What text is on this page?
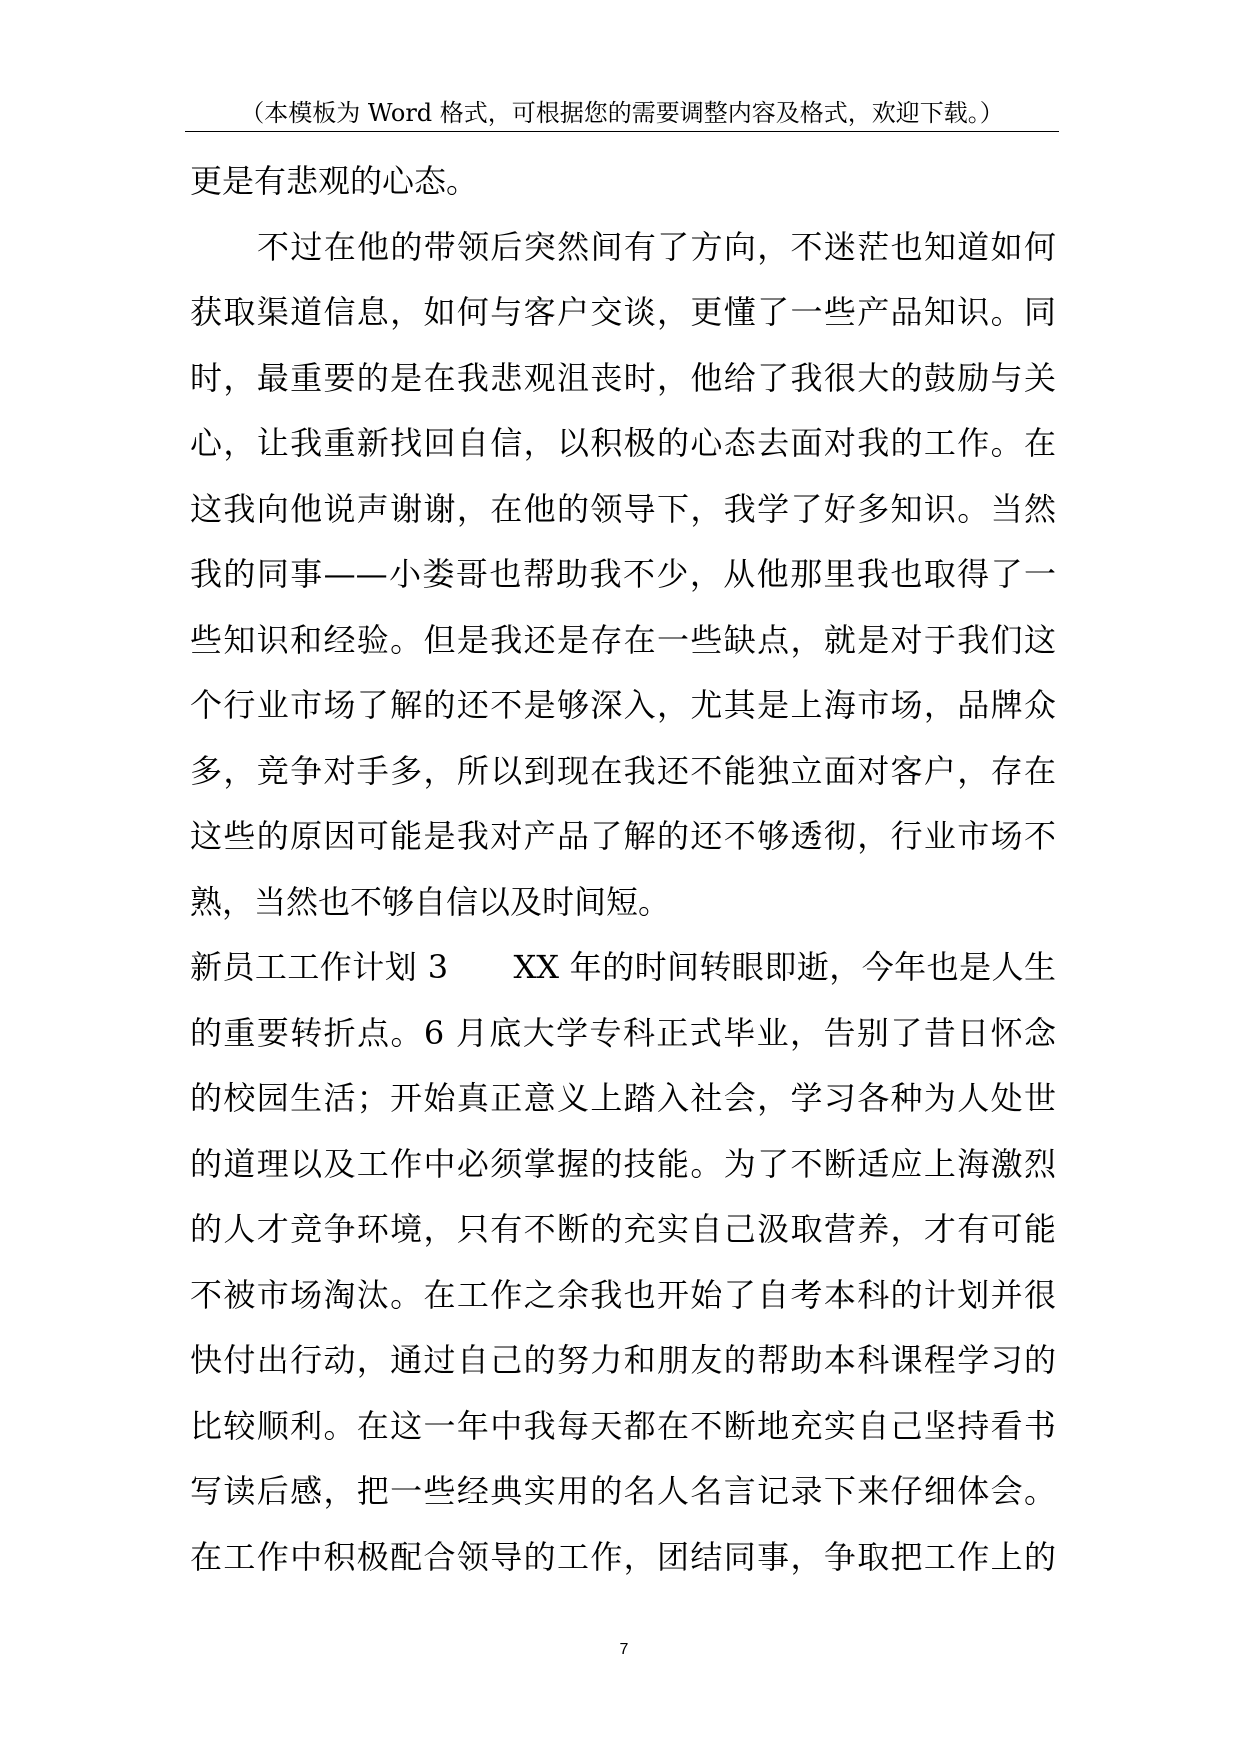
（本模板为 Word 格式，可根据您的需要调整内容及格式，欢迎下载。）
更是有悲观的心态。
不过在他的带领后突然间有了方向，不迷茫也知道如何
获取渠道信息，如何与客户交谈，更懂了一些产品知识。同
时，最重要的是在我悲观沮丧时，他给了我很大的鼓励与关
心，让我重新找回自信，以积极的心态去面对我的工作。在
这我向他说声谢谢，在他的领导下，我学了好多知识。当然
我的同事——小娄哥也帮助我不少，从他那里我也取得了一
些知识和经验。但是我还是存在一些缺点，就是对于我们这
个行业市场了解的还不是够深入，尤其是上海市场，品牌众
多，竞争对手多，所以到现在我还不能独立面对客户，存在
这些的原因可能是我对产品了解的还不够透彻，行业市场不
熟，当然也不够自信以及时间短。
新员工工作计划 3　　XX 年的时间转眼即逝，今年也是人生
的重要转折点。6 月底大学专科正式毕业，告别了昔日怀念
的校园生活；开始真正意义上踏入社会，学习各种为人处世
的道理以及工作中必须掌握的技能。为了不断适应上海激烈
的人才竞争环境，只有不断的充实自己汲取营养，才有可能
不被市场淘汰。在工作之余我也开始了自考本科的计划并很
快付出行动，通过自己的努力和朋友的帮助本科课程学习的
比较顺利。在这一年中我每天都在不断地充实自己坚持看书
写读后感，把一些经典实用的名人名言记录下来仔细体会。
在工作中积极配合领导的工作，团结同事，争取把工作上的
7
